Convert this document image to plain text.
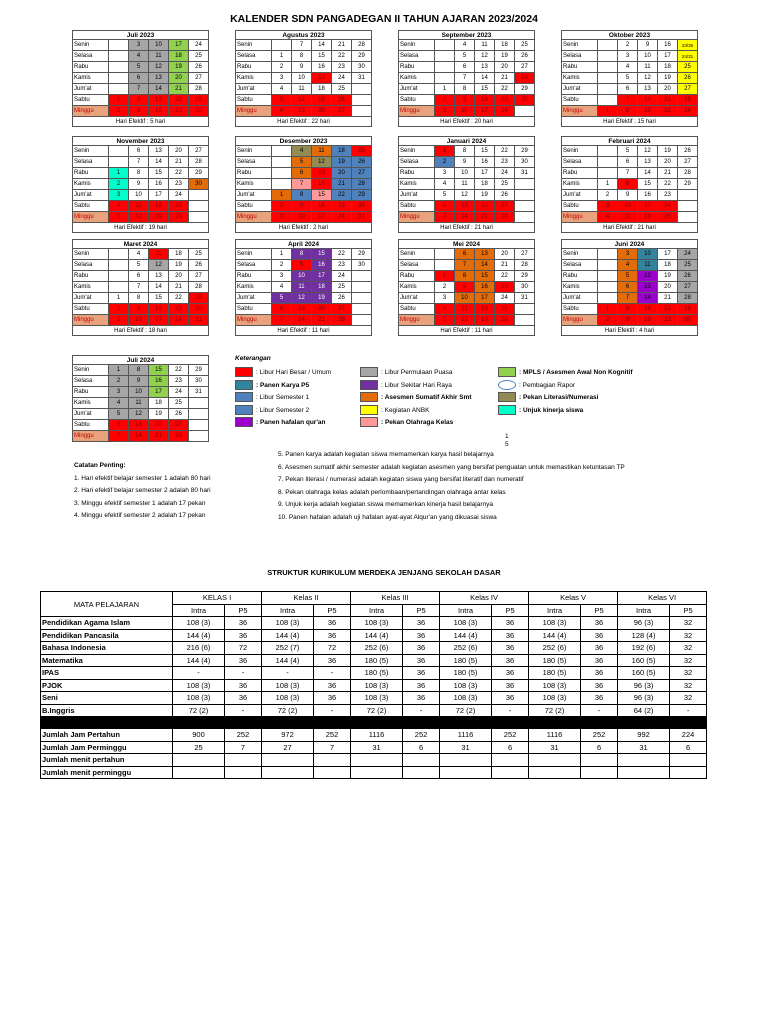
KALENDER SDN PANGADEGAN II TAHUN AJARAN 2023/2024
Juli 2023
Senin		3	10	17	24
Selasa		4	11	18	25
Rabu		5	12	19	26
Kamis		6	13	20	27
Jum'at		7	14	21	28
Sabtu	1	8	15	22	29
Minggu	2	9	16	23	30
Hari Efektif : 5 hari
Agustus 2023
Senin		7	14	21	28
Selasa	1	8	15	22	29
Rabu	2	9	16	23	30
Kamis	3	10	17	24	31
Jum'at	4	11	18	25	
Sabtu	5	12	19	26	
Minggu	6	13	20	27	
Hari Efektif : 22 hari
September 2023
Senin		4	11	18	25
Selasa		5	12	19	26
Rabu		6	13	20	27
Kamis		7	14	21	28
Jum'at	1	8	15	22	29
Sabtu	2	9	16	23	30
Minggu	3	10	17	24	
Hari Efektif : 20 hari
Oktober 2023
Senin		2	9	16	23/30
Selasa		3	10	17	24/31
Rabu		4	11	18	25
Kamis		5	12	19	26
Jum'at		6	13	20	27
Sabtu		7	14	21	28
Minggu	1	8	15	22	29
Hari Efektif : 15 hari
November 2023
Senin		6	13	20	27
Selasa		7	14	21	28
Rabu	1	8	15	22	29
Kamis	2	9	16	23	30
Jum'at	3	10	17	24	
Sabtu	4	11	18	25	
Minggu	5	12	19	26	
Hari Efektif : 19 hari
Desember 2023
Senin		4	11	18	25
Selasa		5	12	19	26
Rabu		6	13	20	27
Kamis		7	14	21	28
Jum'at	1	8	15	22	29
Sabtu	2	9	16	23	30
Minggu	3	10	17	24	31
Hari Efektif : 2 hari
Januari 2024
Senin	1	8	15	22	29
Selasa	2	9	16	23	30
Rabu	3	10	17	24	31
Kamis	4	11	18	25	
Jum'at	5	12	19	26	
Sabtu	6	13	20	27	
Minggu	7	14	21	28	
Hari Efektif : 21 hari
Februari 2024
Senin		5	12	19	26
Selasa		6	13	20	27
Rabu		7	14	21	28
Kamis	1	8	15	22	29
Jum'at	2	9	16	23	
Sabtu	3	10	17	24	
Minggu	4	11	18	25	
Hari Efektif : 21 hari
Maret 2024
Senin		4	11	18	25
Selasa		5	12	19	26
Rabu		6	13	20	27
Kamis		7	14	21	28
Jum'at	1	8	15	22	29
Sabtu	2	9	16	23	30
Minggu	3	10	17	24	31
Hari Efektif : 18 hari
April 2024
Senin	1	8	15	22	29
Selasa	2	9	16	23	30
Rabu	3	10	17	24	
Kamis	4	11	18	25	
Jum'at	5	12	19	26	
Sabtu	6	13	20	27	
Minggu	7	14	21	28	
Hari Efektif : 11 hari
Mei 2024
Senin		6	13	20	27
Selasa		7	14	21	28
Rabu	1	8	15	22	29
Kamis	2	9	16	23	30
Jum'at	3	10	17	24	31
Sabtu	4	11	18	25	
Minggu	5	12	19	26	
Hari Efektif : 11 hari
Juni 2024
Senin		3	10	17	24
Selasa		4	11	18	25
Rabu		5	12	19	26
Kamis		6	13	20	27
Jum'at		7	14	21	28
Sabtu	1	8	15	22	29
Minggu	2	9	16	23	30
Hari Efektif : 4 hari
Juli 2024
Senin	1	8	15	22	29
Selasa	2	9	16	23	30
Rabu	3	10	17	24	31
Kamis	4	11	18	25	
Jum'at	5	12	19	26	
Sabtu	6	13	20	27	
Minggu	7	14	21	28	
Keterangan
: Libur Hari Besar / Umum
: Panen Karya P5
: Libur Semester 1
: Libur Semester 2
: Panen hafalan qur'an
: Libur Permulaan Puasa
: Libur Sekitar Hari Raya
: Asesmen Sumatif Akhir Smt
: Kegiatan ANBK
: Pekan Olahraga Kelas
: MPLS / Asesmen Awal Non Kognitif
: Pembagian Rapor
: Pekan Literasi/Numerasi
: Unjuk kinerja siswa
1
5
Catatan Penting:
1. Hari efektif belajar semester 1 adalah 80 hari
2. Hari efektif belajar semester 2 adalah 80 hari
3. Minggu efektif semester 1 adalah 17 pekan
4. Minggu efektif semester 2 adalah 17 pekan
5. Panen karya adalah kegiatan siswa memamerkan karya hasil belajarnya
6. Asesmen sumatif akhir semester adalah kegiatan asesmen yang bersifat penguatan untuk memastikan ketuntasan TP
7. Pekan literasi / numerasi adalah kegiatan siswa yang bersifat literatif dan numeratif
8. Pekan olahraga kelas adalah perlombaan/pertandingan olahraga antar kelas
9. Unjuk kerja adalah kegiatan siswa memamerkan kinerja hasil belajarnya
10. Panen hafalan adalah uji hafalan ayat-ayat Alqur'an yang dikuasai siswa
STRUKTUR KURIKULUM MERDEKA JENJANG SEKOLAH DASAR
MATA PELAJARAN	KELAS I		Kelas II		Kelas III		Kelas IV		Kelas V		Kelas VI	
	Intra	P5	Intra	P5	Intra	P5	Intra	P5	Intra	P5	Intra	P5
Pendidikan Agama Islam	108 (3)	36	108 (3)	36	108 (3)	36	108 (3)	36	108 (3)	36	96 (3)	32
Pendidikan Pancasila	144 (4)	36	144 (4)	36	144 (4)	36	144 (4)	36	144 (4)	36	128 (4)	32
Bahasa Indonesia	216 (6)	72	252 (7)	72	252 (6)	36	252 (6)	36	252 (6)	36	192 (6)	32
Matematika	144 (4)	36	144 (4)	36	180 (5)	36	180 (5)	36	180 (5)	36	160 (5)	32
IPAS	-	-	-	-	180 (5)	36	180 (5)	36	180 (5)	36	160 (5)	32
PJOK	108 (3)	36	108 (3)	36	108 (3)	36	108 (3)	36	108 (3)	36	96 (3)	32
Seni	108 (3)	36	108 (3)	36	108 (3)	36	108 (3)	36	108 (3)	36	96 (3)	32
B.Inggris	72 (2)	-	72 (2)	-	72 (2)	-	72 (2)	-	72 (2)	-	64 (2)	-

Jumlah Jam Pertahun	900	252	972	252	1116	252	1116	252	1116	252	992	224
Jumlah Jam Perminggu	25	7	27	7	31	6	31	6	31	6	31	6
Jumlah menit pertahun												
Jumlah menit perminggu												
